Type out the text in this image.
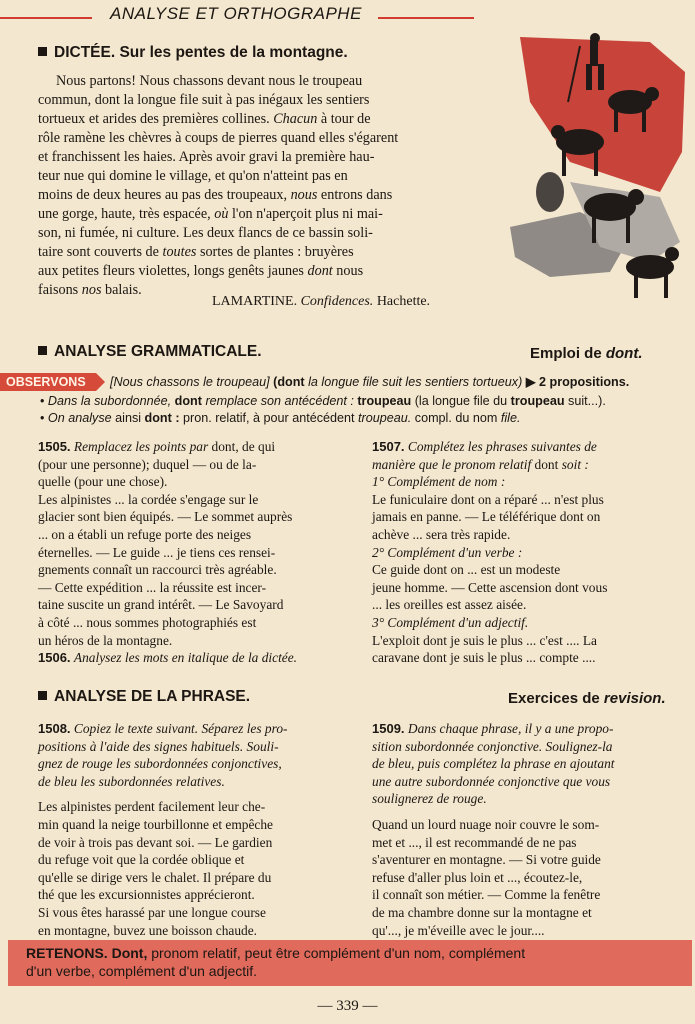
ANALYSE ET ORTHOGRAPHE
DICTÉE. Sur les pentes de la montagne.

Nous partons! Nous chassons devant nous le troupeau

commun, dont la longue file suit à pas inégaux les sentiers

tortueux et arides des premières collines. Chacun à tour de

rôle ramène les chèvres à coups de pierres quand elles s'égarent

et franchissent les haies. Après avoir gravi la première hau-

teur nue qui domine le village, et qu'on n'atteint pas en

moins de deux heures au pas des troupeaux, nous entrons dans

une gorge, haute, très espacée, où l'on n'aperçoit plus ni mai-

son, ni fumée, ni culture. Les deux flancs de ce bassin soli-

taire sont couverts de toutes sortes de plantes : bruyères

aux petites fleurs violettes, longs genêts jaunes dont nous

faisons nos balais.

LAMARTINE. Confidences. Hachette.
ANALYSE GRAMMATICALE.	Emploi de dont.
OBSERVONS	[Nous chassons le troupeau] (dont la longue file suit les sentiers tortueux) ▶ 2 propositions.
• Dans la subordonnée, dont remplace son antécédent : troupeau (la longue file du troupeau suit...).
• On analyse ainsi dont : pron. relatif, à pour antécédent troupeau. compl. du nom file.
1505. Remplacez les points par dont, de qui
(pour une personne); duquel — ou de la-
quelle (pour une chose).
Les alpinistes ... la cordée s'engage sur le
glacier sont bien équipés. — Le sommet auprès
... on a établi un refuge porte des neiges
éternelles. — Le guide ... je tiens ces rensei-
gnements connaît un raccourci très agréable.
— Cette expédition ... la réussite est incer-
taine suscite un grand intérêt. — Le Savoyard
à côté ... nous sommes photographiés est
un héros de la montagne.
1506. Analysez les mots en italique de la dictée.
1507. Complétez les phrases suivantes de
manière que le pronom relatif dont soit :
1° Complément de nom :
Le funiculaire dont on a réparé ... n'est plus
jamais en panne. — Le téléférique dont on
achève ... sera très rapide.
2° Complément d'un verbe :
Ce guide dont on ... est un modeste
jeune homme. — Cette ascension dont vous
... les oreilles est assez aisée.
3° Complément d'un adjectif.
L'exploit dont je suis le plus ... c'est .... La
caravane dont je suis le plus ... compte ....
ANALYSE DE LA PHRASE.	Exercices de revision.
1508. Copiez le texte suivant. Séparez les pro-
positions à l'aide des signes habituels. Souli-
gnez de rouge les subordonnées conjonctives,
de bleu les subordonnées relatives.
Les alpinistes perdent facilement leur che-
min quand la neige tourbillonne et empêche
de voir à trois pas devant soi. — Le gardien
du refuge voit que la cordée oblique et
qu'elle se dirige vers le chalet. Il prépare du
thé que les excursionnistes apprécieront.
Si vous êtes harassé par une longue course
en montagne, buvez une boisson chaude.
1509. Dans chaque phrase, il y a une propo-
sition subordonnée conjonctive. Soulignez-la
de bleu, puis complétez la phrase en ajoutant
une autre subordonnée conjonctive que vous
soulignerez de rouge.
Quand un lourd nuage noir couvre le som-
met et ..., il est recommandé de ne pas
s'aventurer en montagne. — Si votre guide
refuse d'aller plus loin et ..., écoutez-le,
il connaît son métier. — Comme la fenêtre
de ma chambre donne sur la montagne et
qu'..., je m'éveille avec le jour....
RETENONS. Dont, pronom relatif, peut être complément d'un nom, complément
d'un verbe, complément d'un adjectif.
— 339 —
